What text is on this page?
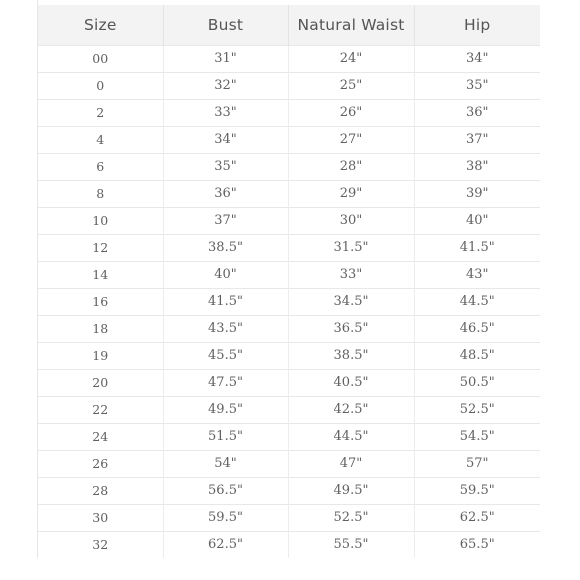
Size	Bust	Natural Waist	Hip
00	31"	24"	34"
0	32"	25"	35"
2	33"	26"	36"
4	34"	27"	37"
6	35"	28"	38"
8	36"	29"	39"
10	37"	30"	40"
12	38.5"	31.5"	41.5"
14	40"	33"	43"
16	41.5"	34.5"	44.5"
18	43.5"	36.5"	46.5"
19	45.5"	38.5"	48.5"
20	47.5"	40.5"	50.5"
22	49.5"	42.5"	52.5"
24	51.5"	44.5"	54.5"
26	54"	47"	57"
28	56.5"	49.5"	59.5"
30	59.5"	52.5"	62.5"
32	62.5"	55.5"	65.5"
